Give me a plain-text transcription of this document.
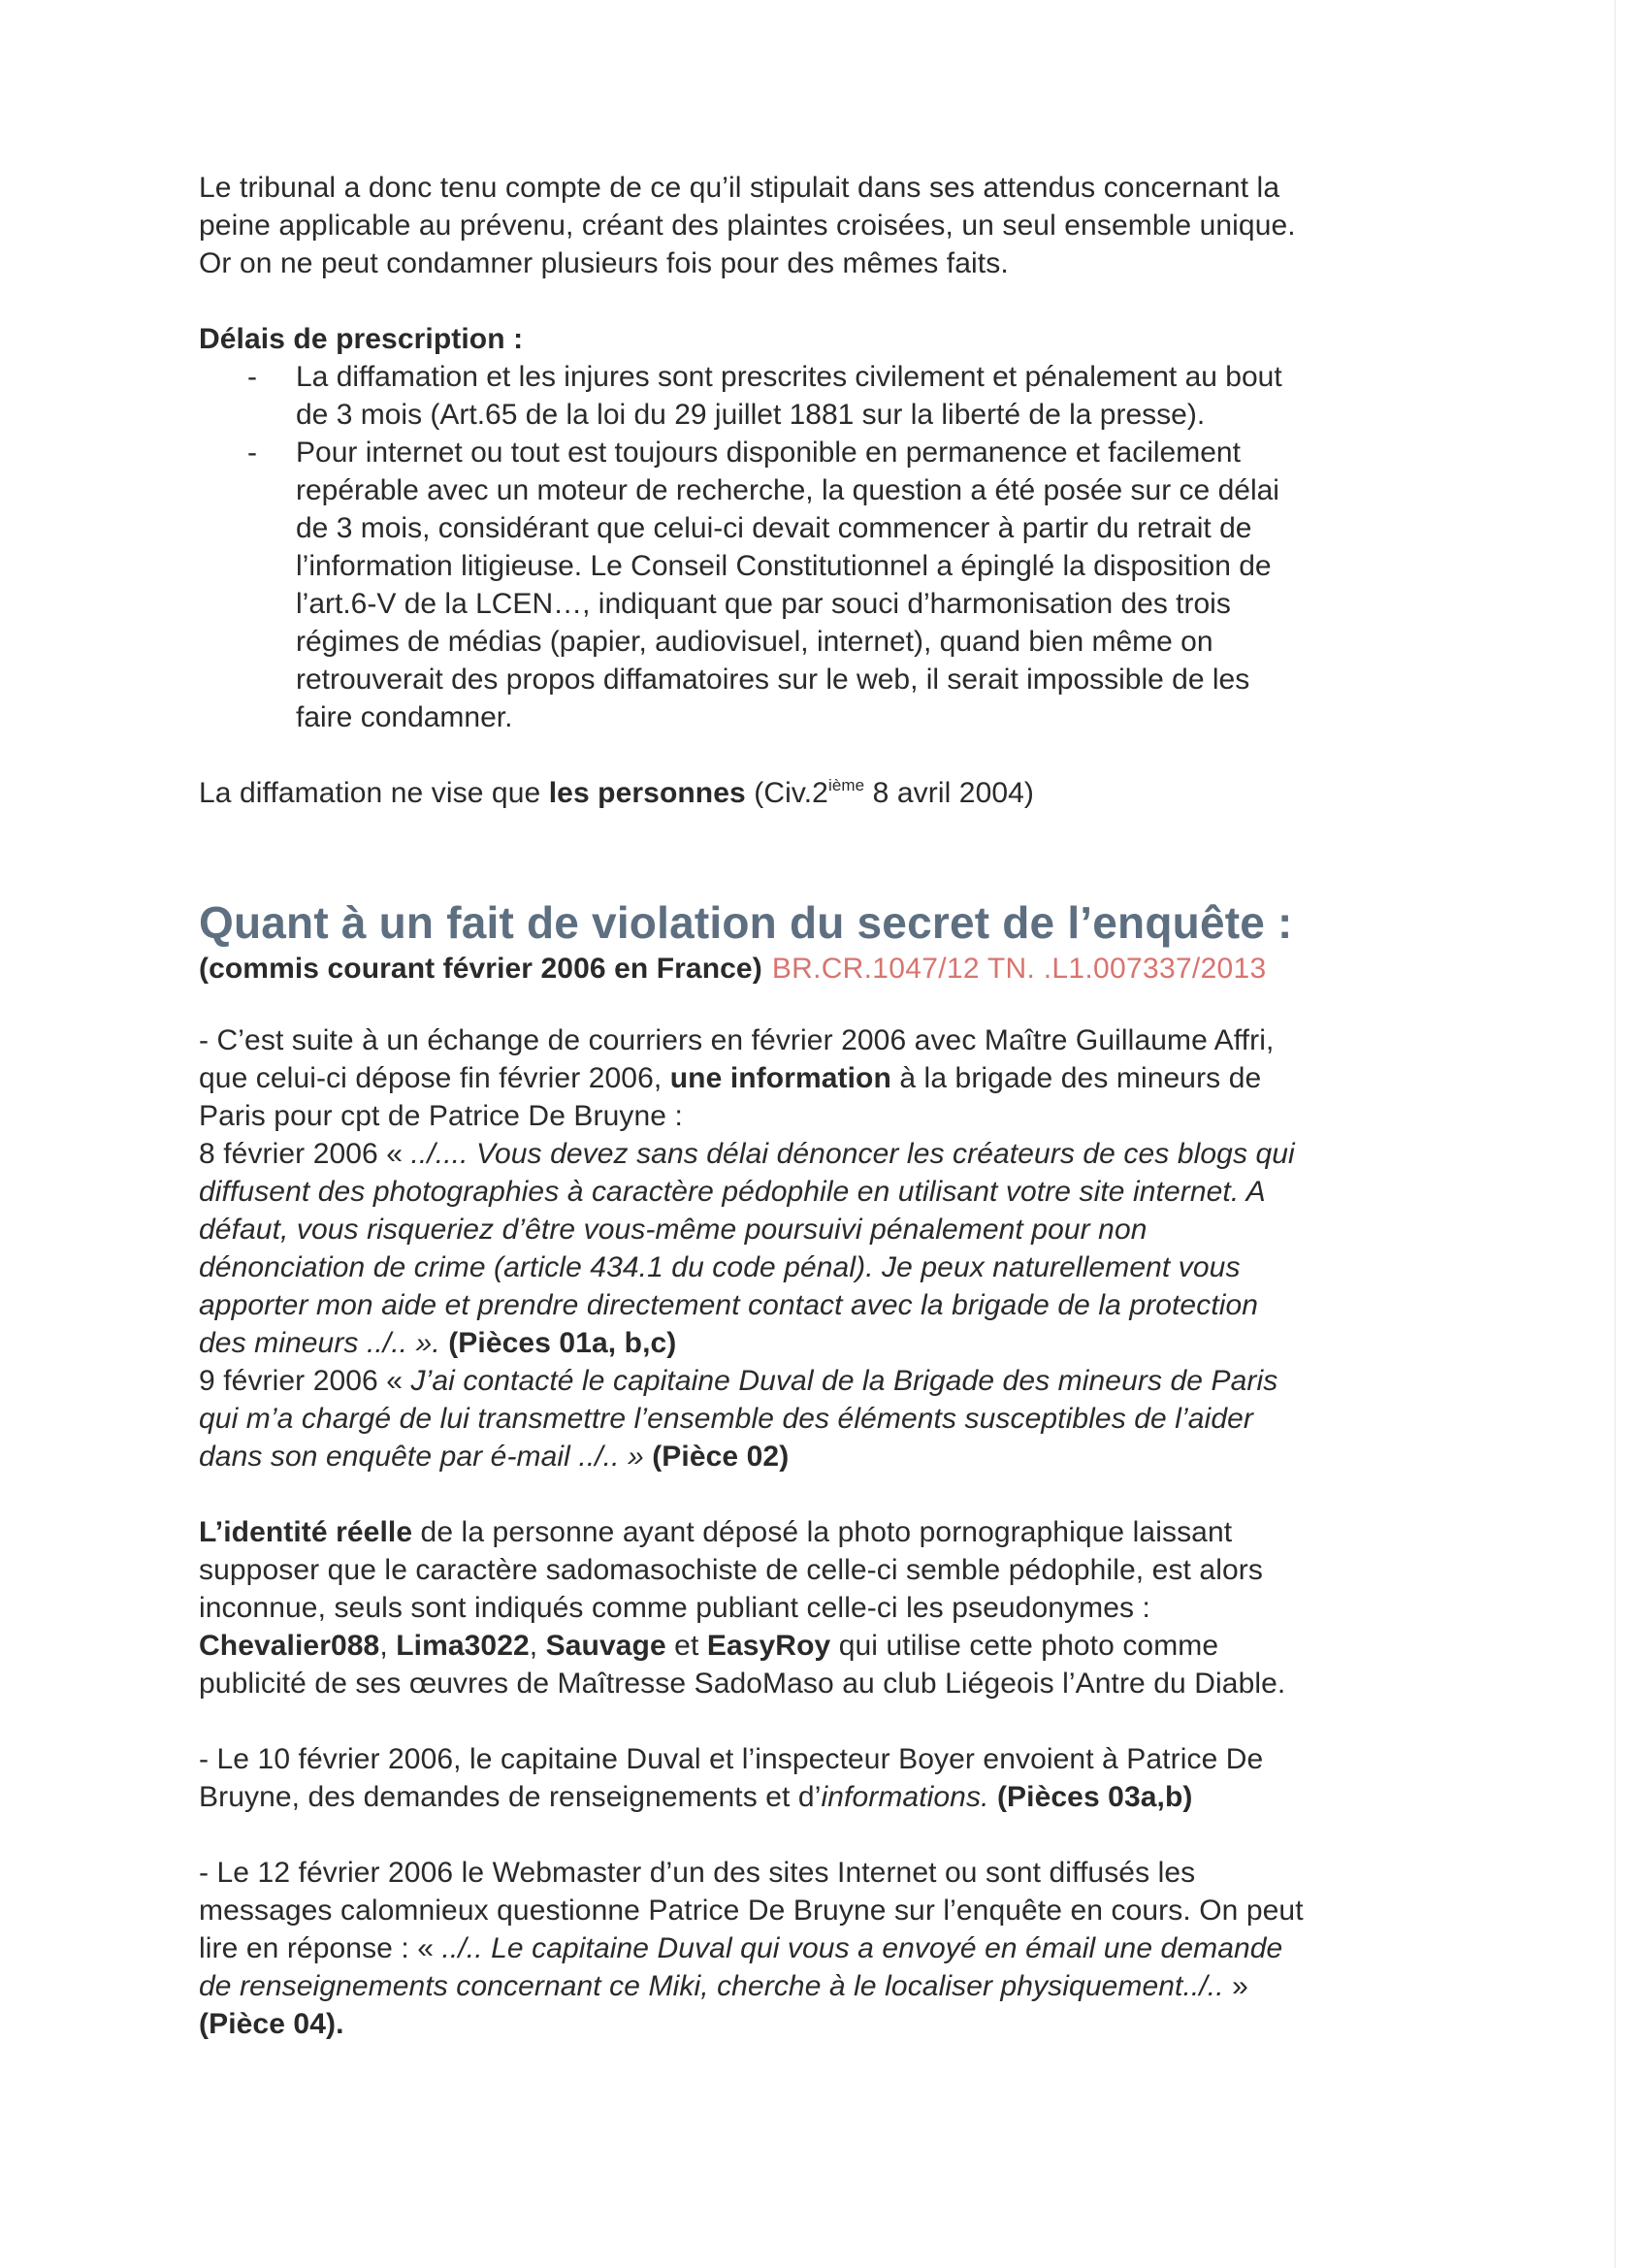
Le tribunal a donc tenu compte de ce qu’il stipulait dans ses attendus concernant la

peine applicable au prévenu, créant des plaintes croisées, un seul ensemble unique.

Or on ne peut condamner plusieurs fois pour des mêmes faits.

Délais de prescription :

- La diffamation et les injures sont prescrites civilement et pénalement au bout
de 3 mois (Art.65 de la loi du 29 juillet 1881 sur la liberté de la presse).
- Pour internet ou tout est toujours disponible en permanence et facilement
repérable avec un moteur de recherche, la question a été posée sur ce délai
de 3 mois, considérant que celui-ci devait commencer à partir du retrait de
l’information litigieuse. Le Conseil Constitutionnel a épinglé la disposition de
l’art.6-V de la LCEN…, indiquant que par souci d’harmonisation des trois
régimes de médias (papier, audiovisuel, internet), quand bien même on
retrouverait des propos diffamatoires sur le web, il serait impossible de les
faire condamner.

La diffamation ne vise que les personnes (Civ.2ième 8 avril 2004)

Quant à un fait de violation du secret de l’enquête :

(commis courant février 2006 en France) BR.CR.1047/12 TN. .L1.007337/2013

- C’est suite à un échange de courriers en février 2006 avec Maître Guillaume Affri,

que celui-ci dépose fin février 2006, une information à la brigade des mineurs de

Paris pour cpt de Patrice De Bruyne :

8 février 2006 « ../.... Vous devez sans délai dénoncer les créateurs de ces blogs qui

diffusent des photographies à caractère pédophile en utilisant votre site internet. A

défaut, vous risqueriez d’être vous-même poursuivi pénalement pour non

dénonciation de crime (article 434.1 du code pénal). Je peux naturellement vous

apporter mon aide et prendre directement contact avec la brigade de la protection

des mineurs ../.. ». (Pièces 01a, b,c)

9 février 2006 « J’ai contacté le capitaine Duval de la Brigade des mineurs de Paris

qui m’a chargé de lui transmettre l’ensemble des éléments susceptibles de l’aider

dans son enquête par é-mail ../.. » (Pièce 02)

L’identité réelle de la personne ayant déposé la photo pornographique laissant

supposer que le caractère sadomasochiste de celle-ci semble pédophile, est alors

inconnue, seuls sont indiqués comme publiant celle-ci les pseudonymes :

Chevalier088, Lima3022, Sauvage et EasyRoy qui utilise cette photo comme

publicité de ses œuvres de Maîtresse SadoMaso au club Liégeois l’Antre du Diable.

- Le 10 février 2006, le capitaine Duval et l’inspecteur Boyer envoient à Patrice De

Bruyne, des demandes de renseignements et d’informations. (Pièces 03a,b)

- Le 12 février 2006 le Webmaster d’un des sites Internet ou sont diffusés les

messages calomnieux questionne Patrice De Bruyne sur l’enquête en cours. On peut

lire en réponse : « ../.. Le capitaine Duval qui vous a envoyé en émail une demande

de renseignements concernant ce Miki, cherche à le localiser physiquement../.. »

(Pièce 04).
